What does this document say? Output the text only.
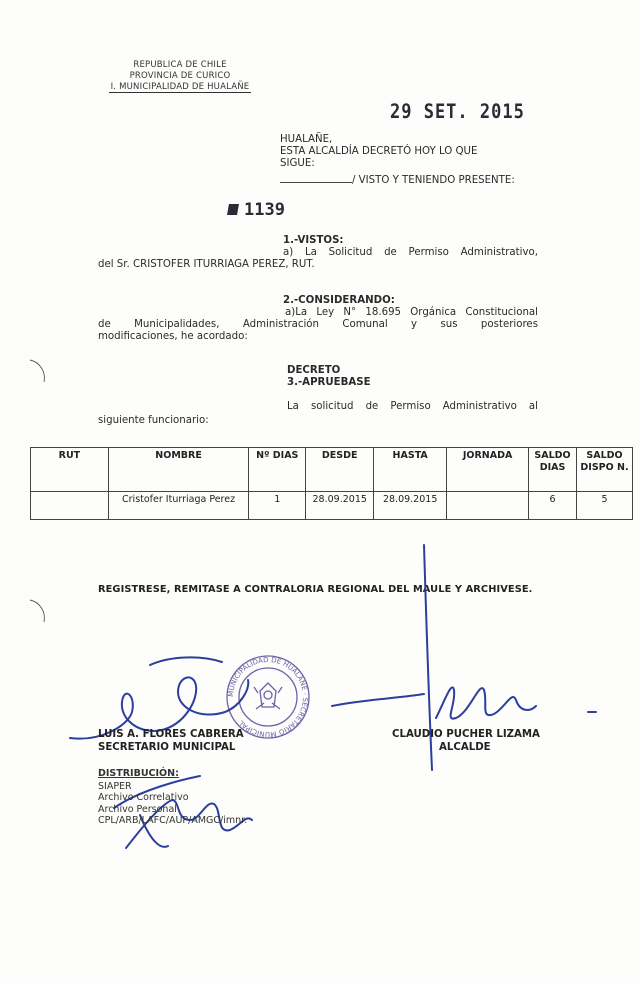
REPUBLICA DE CHILE
PROVINCIA DE CURICO
I. MUNICIPALIDAD DE HUALAÑE
29 SET. 2015
HUALAÑE,
ESTA ALCALDÍA DECRETÓ HOY LO QUE
SIGUE:
/ VISTO Y TENIENDO PRESENTE:
1139
1.-VISTOS:
a) La Solicitud de Permiso Administrativo,
del Sr. CRISTOFER ITURRIAGA PEREZ, RUT.
2.-CONSIDERANDO:
a)La Ley N° 18.695 Orgánica Constitucional
de Municipalidades, Administración Comunal y sus posteriores
modificaciones, he acordado:
DECRETO
3.-APRUEBASE
La solicitud de Permiso Administrativo al
siguiente funcionario:
RUT	NOMBRE	Nº DIAS	DESDE	HASTA	JORNADA	SALDO DIAS	SALDO DISPO N.
	Cristofer Iturriaga Perez	1	28.09.2015	28.09.2015		6	5
REGISTRESE, REMITASE A CONTRALORIA REGIONAL DEL MAULE Y ARCHIVESE.
MUNICIPALIDAD DE HUALAÑE · SECRETARIO MUNICIPAL
LUIS A. FLORES CABRERA
SECRETARIO MUNICIPAL
CLAUDIO PUCHER LIZAMA
ALCALDE
DISTRIBUCIÓN:
SIAPER
Archivo Correlativo
Archivo Personal
CPL/ARB/LAFC/AUP/AMGC/imnr.
